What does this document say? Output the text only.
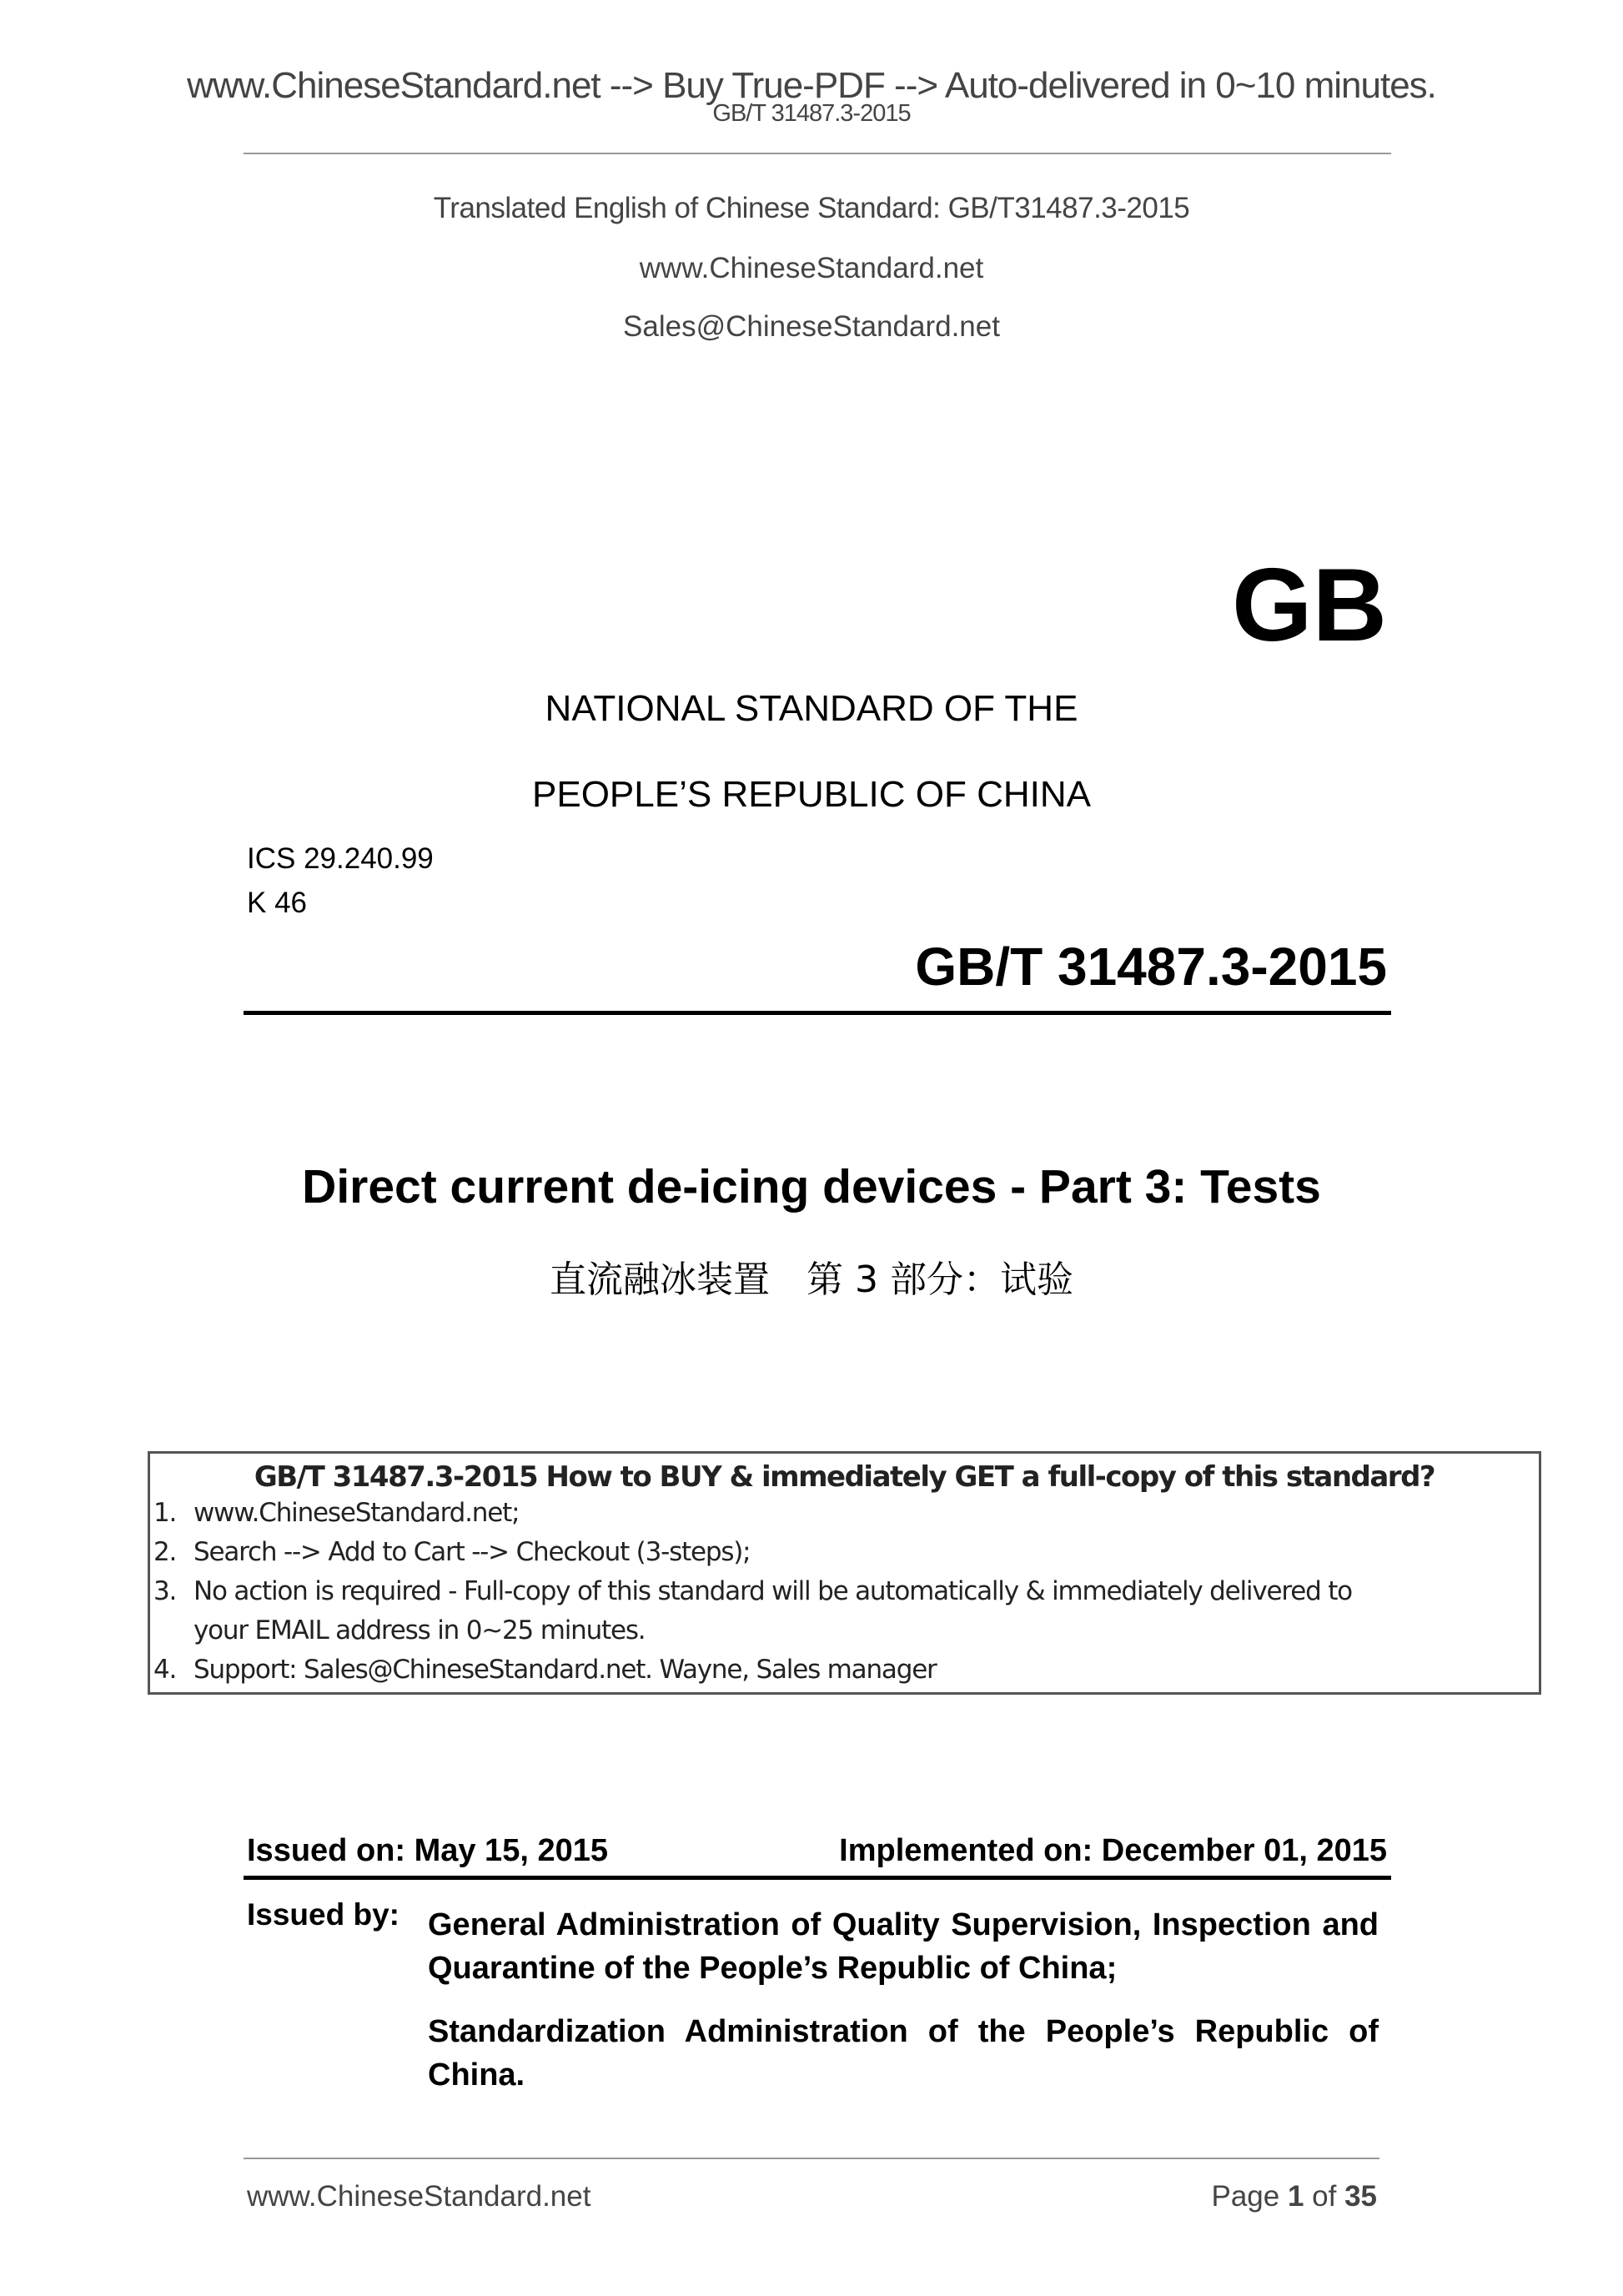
www.ChineseStandard.net --> Buy True-PDF --> Auto-delivered in 0~10 minutes.
GB/T 31487.3-2015
Translated English of Chinese Standard: GB/T31487.3-2015
www.ChineseStandard.net
Sales@ChineseStandard.net
GB
NATIONAL STANDARD OF THE
PEOPLE’S REPUBLIC OF CHINA
ICS 29.240.99
K 46
GB/T 31487.3-2015
Direct current de-icing devices - Part 3: Tests
直流融冰装置　第 3 部分：试验
GB/T 31487.3-2015 How to BUY & immediately GET a full-copy of this standard?
1. www.ChineseStandard.net;
2. Search --> Add to Cart --> Checkout (3-steps);
3. No action is required - Full-copy of this standard will be automatically & immediately delivered to
your EMAIL address in 0~25 minutes.
4. Support: Sales@ChineseStandard.net. Wayne, Sales manager
Issued on: May 15, 2015	Implemented on: December 01, 2015
Issued by: General Administration of Quality Supervision, Inspection and Quarantine of the People’s Republic of China;
Standardization Administration of the People’s Republic of China.
www.ChineseStandard.net	Page 1 of 35
